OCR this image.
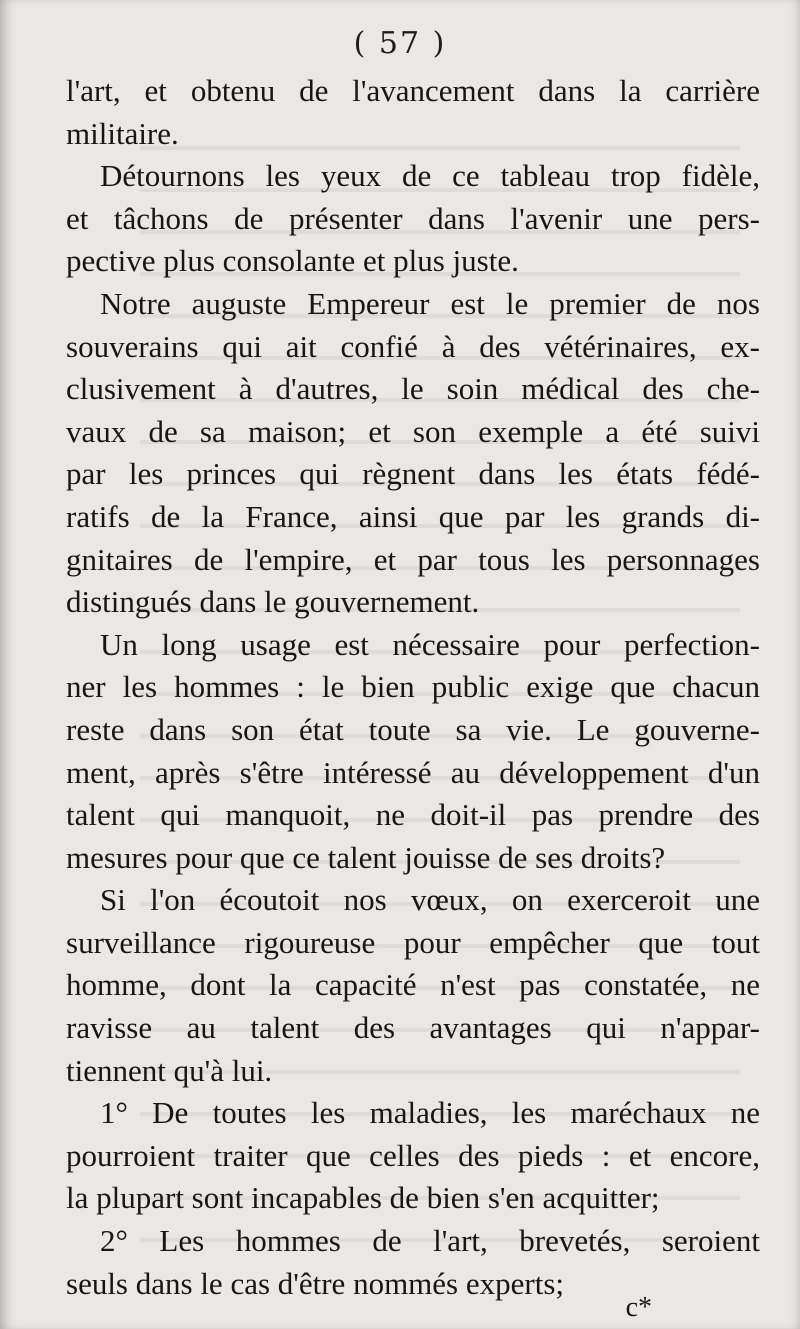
( 57 )
l'art, et obtenu de l'avancement dans la carrière
militaire.
Détournons les yeux de ce tableau trop fidèle,
et tâchons de présenter dans l'avenir une pers-
pective plus consolante et plus juste.
Notre auguste Empereur est le premier de nos
souverains qui ait confié à des vétérinaires, ex-
clusivement à d'autres, le soin médical des che-
vaux de sa maison; et son exemple a été suivi
par les princes qui règnent dans les états fédé-
ratifs de la France, ainsi que par les grands di-
gnitaires de l'empire, et par tous les personnages
distingués dans le gouvernement.
Un long usage est nécessaire pour perfection-
ner les hommes : le bien public exige que chacun
reste dans son état toute sa vie. Le gouverne-
ment, après s'être intéressé au développement d'un
talent qui manquoit, ne doit-il pas prendre des
mesures pour que ce talent jouisse de ses droits?
Si l'on écoutoit nos vœux, on exerceroit une
surveillance rigoureuse pour empêcher que tout
homme, dont la capacité n'est pas constatée, ne
ravisse au talent des avantages qui n'appar-
tiennent qu'à lui.
1° De toutes les maladies, les maréchaux ne
pourroient traiter que celles des pieds : et encore,
la plupart sont incapables de bien s'en acquitter;
2° Les hommes de l'art, brevetés, seroient
seuls dans le cas d'être nommés experts;
c*
